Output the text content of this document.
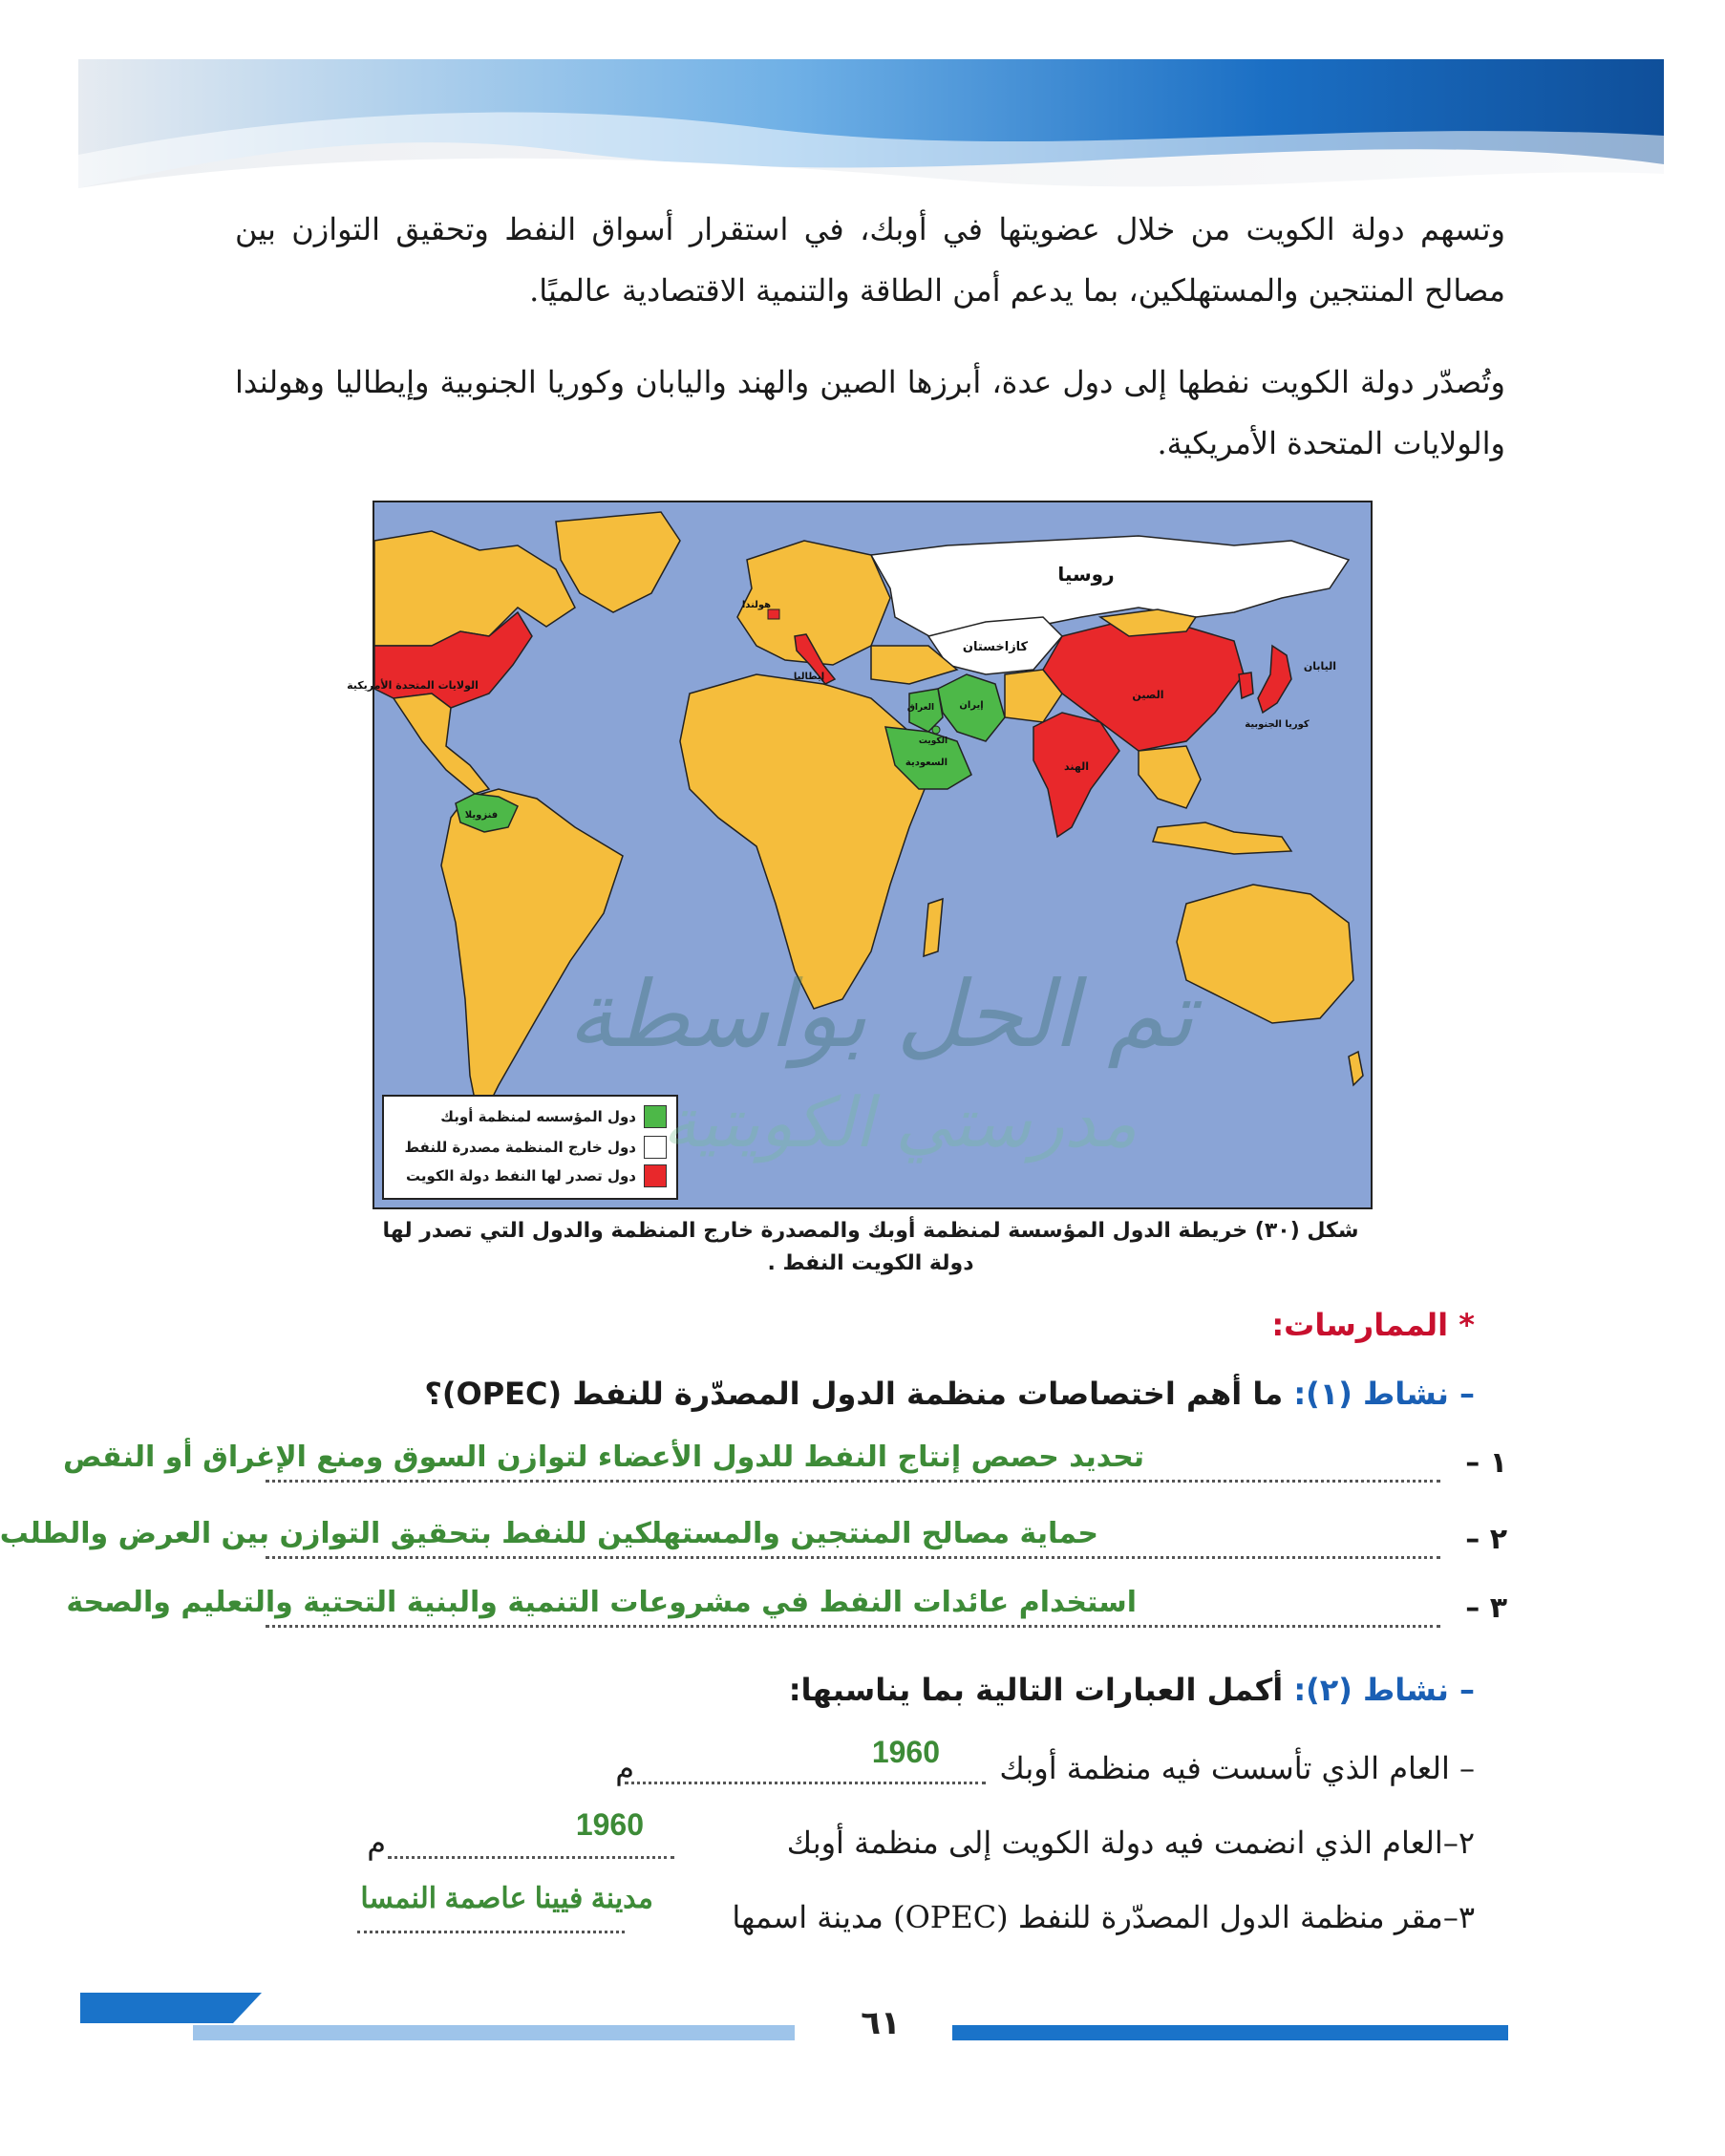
وتسهم دولة الكويت من خلال عضويتها في أوبك، في استقرار أسواق النفط وتحقيق التوازن بين مصالح المنتجين والمستهلكين، بما يدعم أمن الطاقة والتنمية الاقتصادية عالميًا.

وتُصدّر دولة الكويت نفطها إلى دول عدة، أبرزها الصين والهند واليابان وكوريا الجنوبية وإيطاليا وهولندا والولايات المتحدة الأمريكية.

روسيا
كازاخستان
هولندا
الولايات المتحدة الأمريكية
إيران
العراق
الكويت
السعودية
الصين
الهند
اليابان
كوريا الجنوبية
فنزويلا
إيطاليا
دول المؤسسه لمنظمة أوبك
دول خارج المنظمة مصدرة للنفط
دول تصدر لها النفط دولة الكويت
تم الحل بواسطة
مدرستي الكويتية
شكل (٣٠) خريطة الدول المؤسسة لمنظمة أوبك والمصدرة خارج المنظمة والدول التي تصدر لها دولة الكويت النفط .
* الممارسات:
– نشاط (١): ما أهم اختصاصات منظمة الدول المصدّرة للنفط (OPEC)؟
١ –
تحديد حصص إنتاج النفط للدول الأعضاء لتوازن السوق ومنع الإغراق أو النقص
٢ –
حماية مصالح المنتجين والمستهلكين للنفط بتحقيق التوازن بين العرض والطلب
٣ –
استخدام عائدات النفط في مشروعات التنمية والبنية التحتية والتعليم والصحة
– نشاط (٢): أكمل العبارات التالية بما يناسبها:
– العام الذي تأسست فيه منظمة أوبك
1960
م
٢–العام الذي انضمت فيه دولة الكويت إلى منظمة أوبك
1960
م
٣–مقر منظمة الدول المصدّرة للنفط (OPEC) مدينة اسمها
مدينة فيينا عاصمة النمسا
٦١
